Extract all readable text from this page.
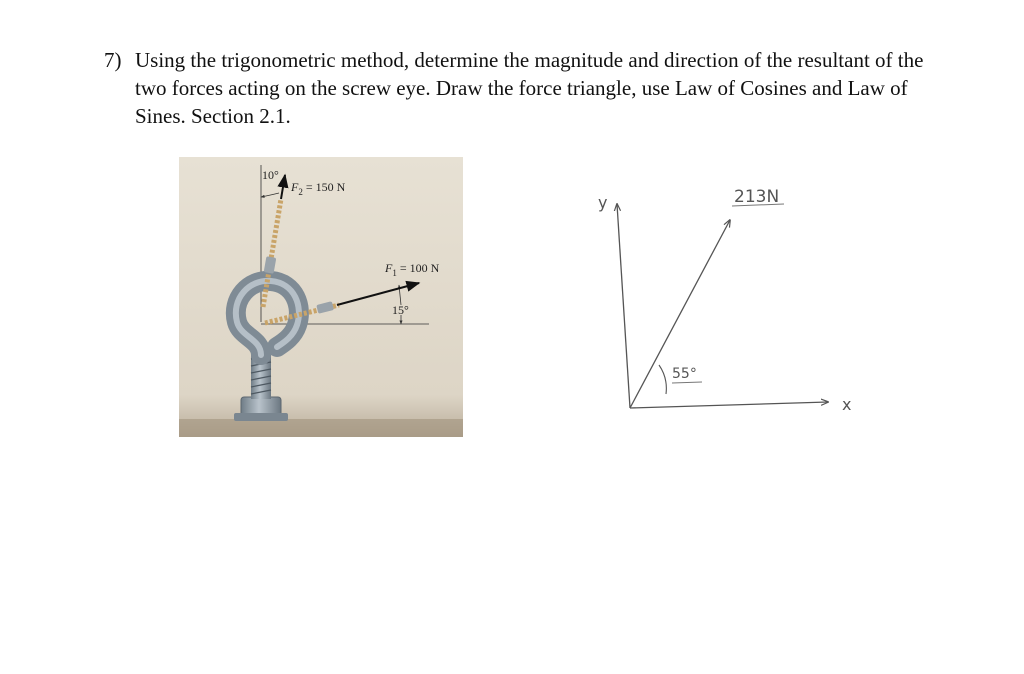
7) Using the trigonometric method, determine the magnitude and direction of the resultant of the two forces acting on the screw eye. Draw the force triangle, use Law of Cosines and Law of Sines. Section 2.1.
10°
$F_2 = 150$ N
$F_1 = 100$ N
15°
y
x
213N
55°
